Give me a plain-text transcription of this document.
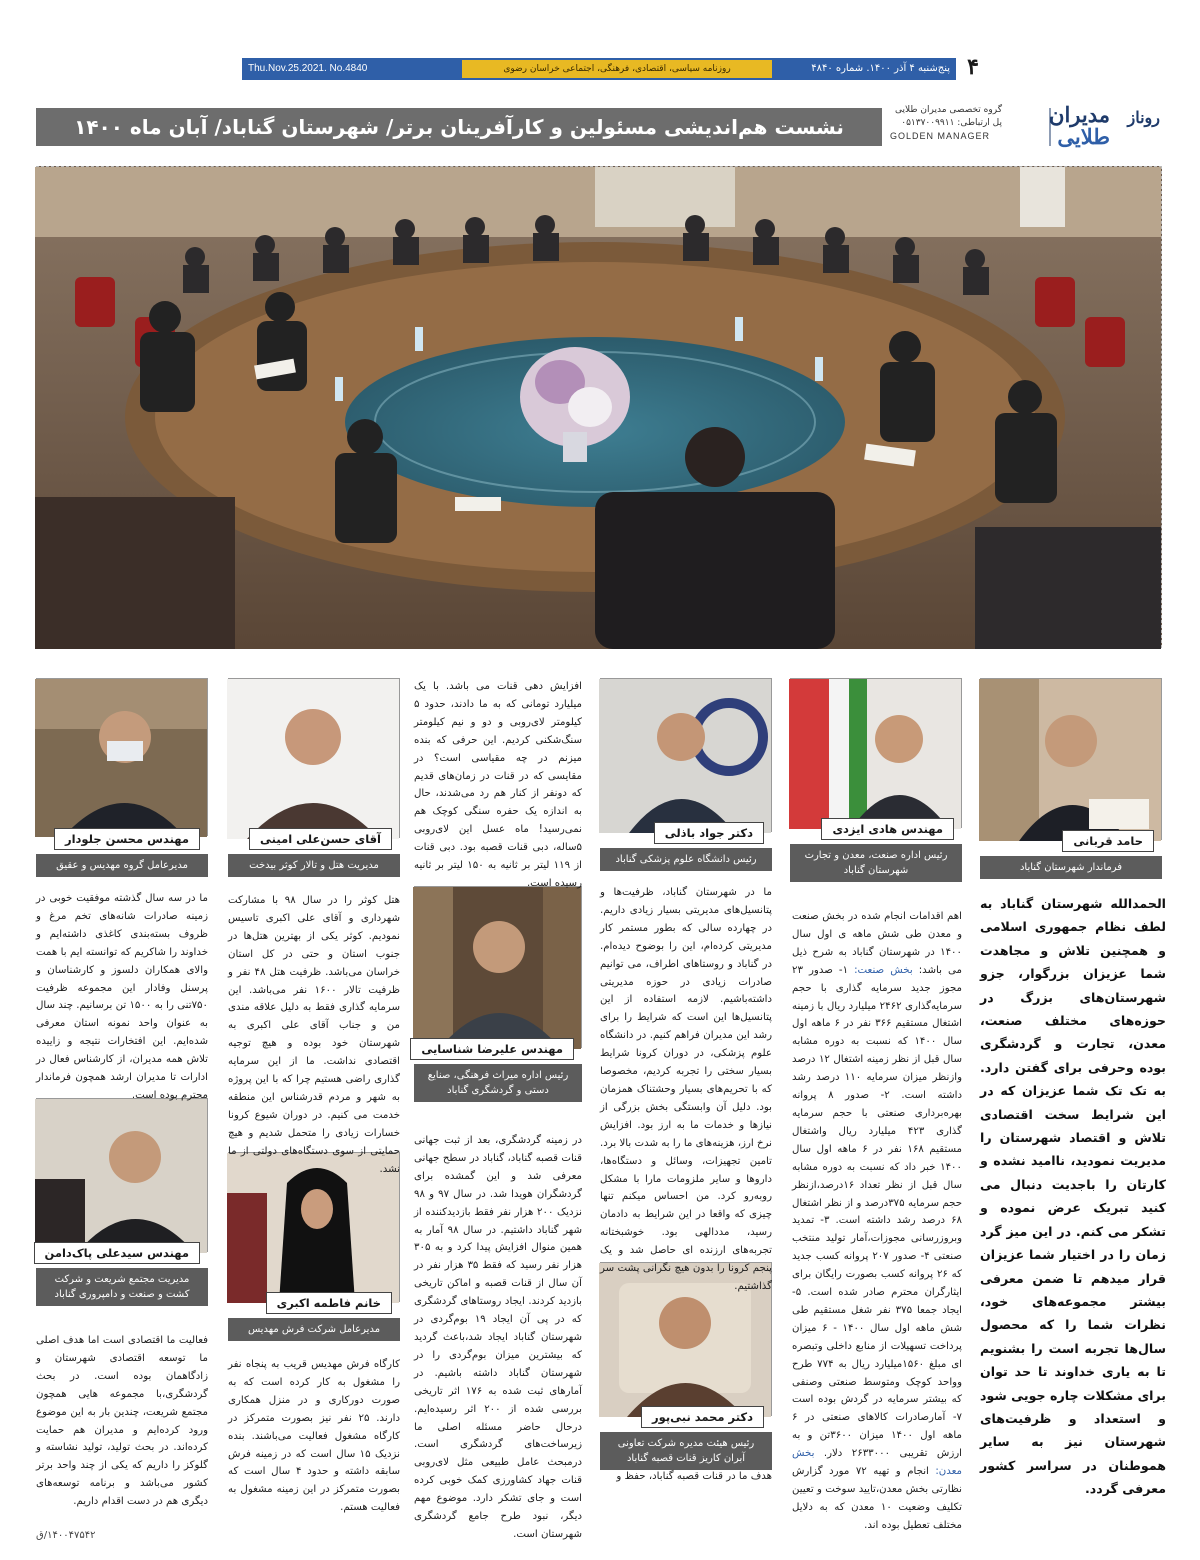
۴
Thu.Nov.25.2021. No.4840	روزنامه سیاسی، اقتصادی، فرهنگی، اجتماعی خراسان رضوی	پنج‌شنبه ۴ آذر ۱۴۰۰. شماره ۴۸۴۰
روناز
مدیران
طلایی
گروه تخصصی مدیران طلایی
پل ارتباطی: ۰۵۱۳۷۰۰۹۹۱۱
GOLDEN MANAGER
نشست هم‌اندیشی مسئولین و کارآفرینان برتر/ شهرستان گناباد/ آبان ماه ۱۴۰۰
حامد قربانی
فرماندار شهرستان گناباد
مهندس هادی ایزدی
رئیس اداره صنعت، معدن و تجارت شهرستان گناباد
دکتر جواد باذلی
رئیس دانشگاه علوم پزشکی گناباد
آقای حسن‌علی امینی
مدیریت هتل و تالار کوثر بیدخت
مهندس محسن جلودار
مدیرعامل گروه مهدیس و عقیق
مهندس علیرضا شناسایی
رئیس اداره میراث فرهنگی، صنایع دستی و گردشگری گناباد
مهندس سیدعلی پاک‌دامن
مدیریت مجتمع شریعت و شرکت کشت و صنعت و دامپروری گناباد
خانم فاطمه اکبری
مدیرعامل شرکت فرش مهدیس
دکتر محمد نبی‌پور
رئیس هیئت مدیره شرکت تعاونی آبران کاریز قنات قصبه گناباد
الحمدالله شهرستان گناباد به لطف نظام جمهوری اسلامی و همچنین تلاش و مجاهدت شما عزیزان بزرگوار، جزو شهرستان‌های بزرگ در حوزه‌های مختلف صنعت، معدن، تجارت و گردشگری بوده وحرفی برای گفتن دارد. به تک تک شما عزیزان که در این شرایط سخت اقتصادی تلاش و اقتصاد شهرستان را مدیریت نمودید، ناامید نشده و کارتان را باجدیت دنبال می کنید تبریک عرض نموده و تشکر می کنم. در این میز گرد زمان را در اختیار شما عزیزان قرار میدهم تا ضمن معرفی بیشتر مجموعه‌های خود، نظرات شما را که محصول سال‌ها تجربه است را بشنویم تا به یاری خداوند تا حد توان برای مشکلات چاره جویی شود و استعداد و ظرفیت‌های شهرستان نیز به سایر هموطنان در سراسر کشور معرفی گردد.

اهم اقدامات انجام شده در بخش صنعت و معدن طی شش ماهه ی اول سال ۱۴۰۰ در شهرستان گناباد به شرح ذیل می باشد: بخش صنعت: ۱- صدور ۲۳ مجوز جدید سرمایه گذاری با حجم سرمایه‌گذاری ۲۴۶۲ میلیارد ریال با زمینه اشتغال مستقیم ۳۶۶ نفر در ۶ ماهه اول سال ۱۴۰۰ که نسبت به دوره مشابه سال قبل از نظر زمینه اشتغال ۱۲ درصد وازنظر میزان سرمایه ۱۱۰ درصد رشد داشته است. ۲- صدور ۸ پروانه بهره‌برداری صنعتی با حجم سرمایه گذاری ۴۲۳ میلیارد ریال واشتغال مستقیم ۱۶۸ نفر در ۶ ماهه اول سال ۱۴۰۰ خبر داد که نسبت به دوره مشابه سال قبل از نظر تعداد ۱۶درصد،ازنظر حجم سرمایه ۳۷۵درصد و از نظر اشتغال ۶۸ درصد رشد داشته است. ۳- تمدید وبروزرسانی مجوزات،آمار تولید منتخب صنعتی ۴- صدور ۲۰۷ پروانه کسب جدید که ۲۶ پروانه کسب بصورت رایگان برای ایثارگران محترم صادر شده است. ۵- ایجاد جمعا ۳۷۵ نفر شغل مستقیم طی شش ماهه اول سال ۱۴۰۰ - ۶ میزان پرداخت تسهیلات از منابع داخلی وتبصره ای مبلغ ۱۵۶۰میلیارد ریال به ۷۷۴ طرح وواحد کوچک ومتوسط صنعتی وصنفی که بیشتر سرمایه در گردش بوده است ۷- آمارصادرات کالاهای صنعتی در ۶ ماهه اول ۱۴۰۰ میزان ۳۶۰۰تن و به ارزش تقریبی ۲۶۳۳۰۰۰ دلار. بخش معدن: انجام و تهیه ۷۲ مورد گزارش نظارتی بخش معدن،تایید سوخت و تعیین تکلیف وضعیت ۱۰ معدن که به دلایل مختلف تعطیل بوده اند.

ما در شهرستان گناباد، ظرفیت‌ها و پتانسیل‌های مدیریتی بسیار زیادی داریم. در چهارده سالی که بطور مستمر کار مدیریتی کرده‌ام، این را بوضوح دیده‌ام. در گناباد و روستاهای اطراف، می توانیم صادرات زیادی در حوزه مدیریتی داشته‌باشیم. لازمه استفاده از این پتانسیل‌ها این است که شرایط را برای رشد این مدیران فراهم کنیم. در دانشگاه علوم پزشکی، در دوران کرونا شرایط بسیار سختی را تجربه کردیم، مخصوصا که با تحریم‌های بسیار وحشتناک همزمان بود. دلیل آن وابستگی بخش بزرگی از نیازها و خدمات ما به ارز بود. افزایش نرخ ارز، هزینه‌های ما را به شدت بالا برد. تامین تجهیزات، وسائل و دستگاه‌ها، داروها و سایر ملزومات مارا با مشکل روبه‌رو کرد. من احساس میکنم تنها چیزی که واقعا در این شرایط به دادمان رسید، مددالهی بود. خوشبختانه تجربه‌های ارزنده ای حاصل شد و یک پنجم کرونا را بدون هیچ نگرانی پشت سر گذاشتیم.

هدف ما در قنات قصبه گناباد، حفظ و

افزایش دهی قنات می باشد. با یک میلیارد تومانی که به ما دادند، حدود ۵ کیلومتر لای‌روبی و دو و نیم کیلومتر سنگ‌شکنی کردیم. این حرفی که بنده میزنم در چه مقیاسی است؟ در مقایسی که در قنات در زمان‌های قدیم که دونفر از کنار هم رد می‌شدند، حال به اندازه یک حفره سنگی کوچک هم نمی‌رسید! ماه عسل این لای‌روبی ۵ساله، دبی قنات قصبه بود. دبی قنات از ۱۱۹ لیتر بر ثانیه به ۱۵۰ لیتر بر ثانیه رسیده است.

در زمینه گردشگری، بعد از ثبت جهانی قنات قصبه گناباد، گناباد در سطح جهانی معرفی شد و این گمشده برای گردشگران هویدا شد. در سال ۹۷ و ۹۸ نزدیک ۲۰۰ هزار نفر فقط بازدیدکننده از شهر گناباد داشتیم. در سال ۹۸ آمار به همین منوال افزایش پیدا کرد و به ۳۰۵ هزار نفر رسید که فقط ۳۵ هزار نفر در آن سال از قنات قصبه و اماکن تاریخی بازدید کردند. ایجاد روستاهای گردشگری که در پی آن ایجاد ۱۹ بوم‌گردی در شهرستان گناباد ایجاد شد،باعث گردید که بیشترین میزان بوم‌گردی را در شهرستان گناباد داشته باشیم. در آمارهای ثبت شده به ۱۷۶ اثر تاریخی بررسی شده از ۲۰۰ اثر رسیده‌ایم. درحال حاضر مسئله اصلی ما زیرساخت‌های گردشگری است. درمبحث عامل طبیعی مثل لای‌روبی قنات جهاد کشاورزی کمک خوبی کرده است و جای تشکر دارد. موضوع مهم دیگر، نبود طرح جامع گردشگری شهرستان است.

هتل کوثر را در سال ۹۸ با مشارکت شهرداری و آقای علی اکبری تاسیس نمودیم. کوثر یکی از بهترین هتل‌ها در جنوب استان و حتی در کل استان خراسان می‌باشد. ظرفیت هتل ۴۸ نفر و ظرفیت تالار ۱۶۰۰ نفر می‌باشد. این سرمایه گذاری فقط به دلیل علاقه مندی من و جناب آقای علی اکبری به شهرستان خود بوده و هیچ توجیه اقتصادی نداشت. ما از این سرمایه گذاری راضی هستیم چرا که با این پروژه به شهر و مردم قدرشناس این منطقه خدمت می کنیم. در دوران شیوع کرونا خسارات زیادی را متحمل شدیم و هیچ حمایتی از سوی دستگاه‌های دولتی از ما نشد.

کارگاه فرش مهدیس قریب به پنجاه نفر را مشغول به کار کرده است که به صورت دورکاری و در منزل همکاری دارند. ۲۵ نفر نیز بصورت متمرکز در کارگاه مشغول فعالیت می‌باشند. بنده نزدیک ۱۵ سال است که در زمینه فرش سابقه داشته و حدود ۴ سال است که بصورت متمرکز در این زمینه مشغول به فعالیت هستم.

ما در سه سال گذشته موفقیت خوبی در زمینه صادرات شانه‌های تخم مرغ و ظروف بسته‌بندی کاغذی داشته‌ایم و خداوند را شاکریم که توانسته ایم با همت والای همکاران دلسوز و کارشناسان و پرسنل وفادار این مجموعه ظرفیت ۷۵۰تنی را به ۱۵۰۰ تن برسانیم. چند سال به عنوان واحد نمونه استان معرفی شده‌ایم. این افتخارات نتیجه و زاییده تلاش همه مدیران، از کارشناس فعال در ادارات تا مدیران ارشد همچون فرماندار محترم بوده است.

فعالیت ما اقتصادی است اما هدف اصلی ما توسعه اقتصادی شهرستان و زادگاهمان بوده است. در بحث گردشگری،با مجموعه هایی همچون مجتمع شریعت، چندین بار به این موضوع ورود کرده‌ایم و مدیران هم حمایت کرده‌اند. در بحث تولید، تولید نشاسته و گلوکز را داریم که یکی از چند واحد برتر کشور می‌باشد و برنامه توسعه‌های دیگری هم در دست اقدام داریم.

۱۴۰۰۴۷۵۴۲/ق
